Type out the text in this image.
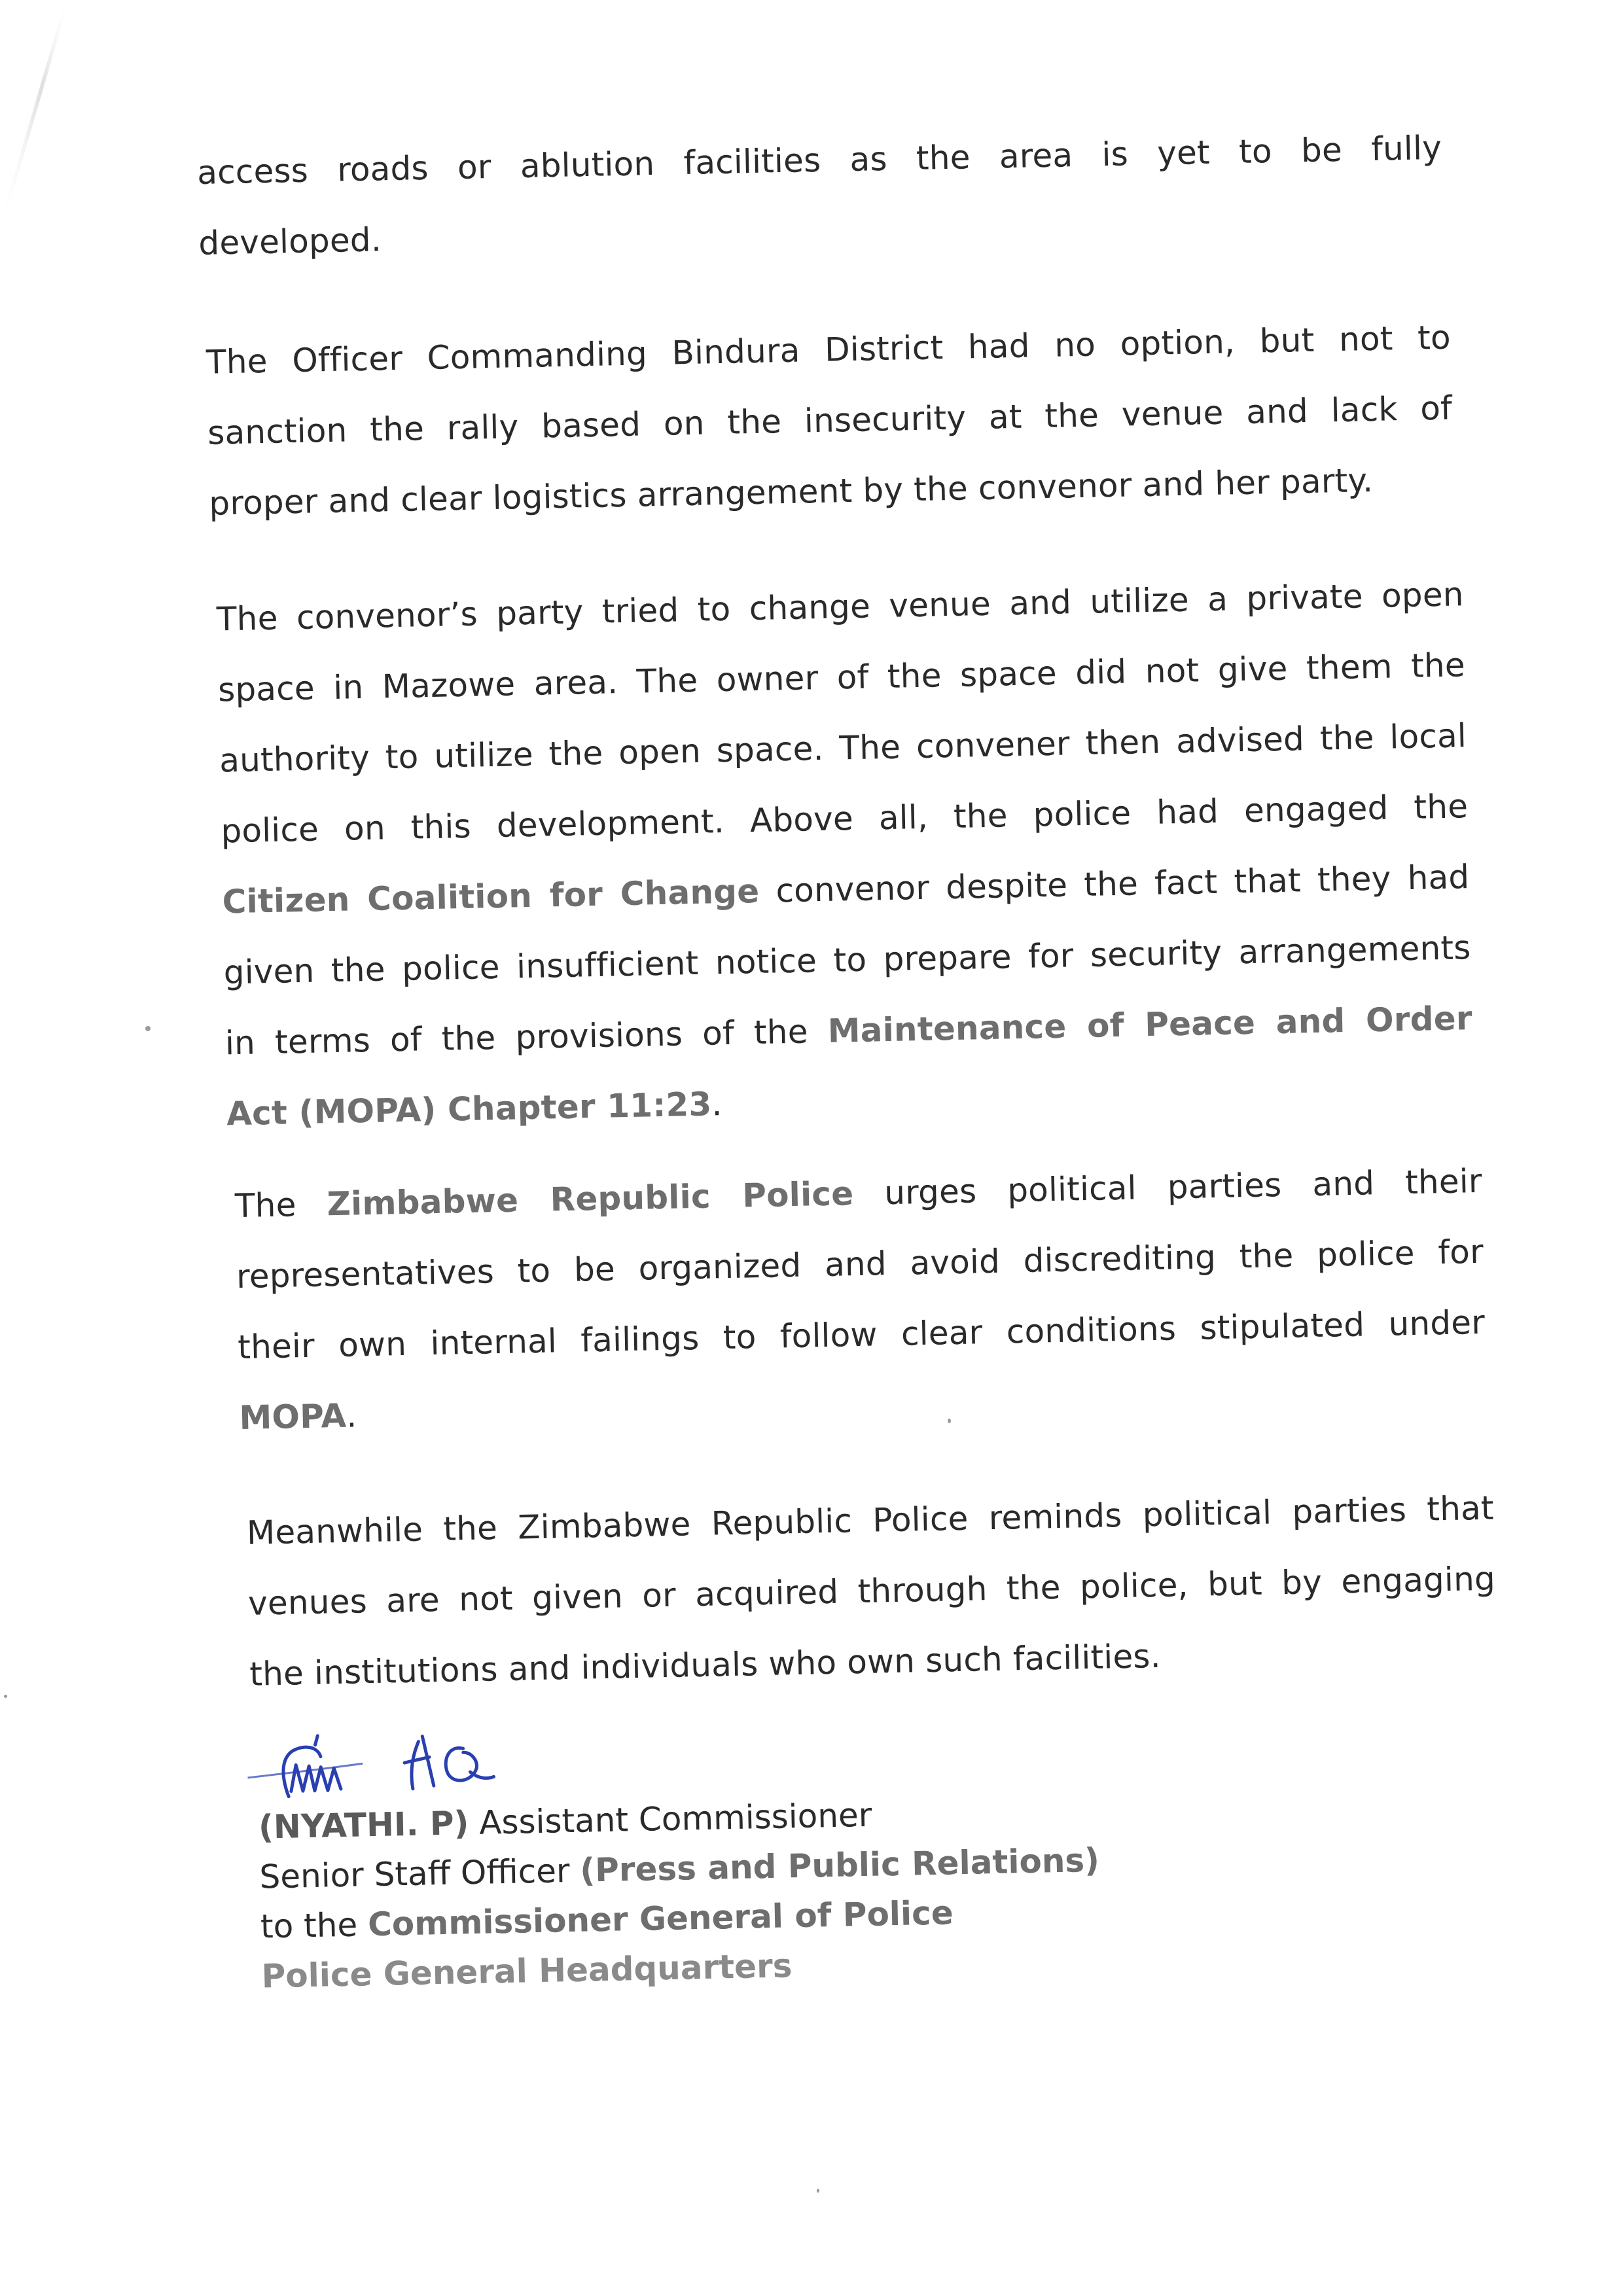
access roads or ablution facilities as the area is yet to be fully
developed.
The Officer Commanding Bindura District had no option, but not to
sanction the rally based on the insecurity at the venue and lack of
proper and clear logistics arrangement by the convenor and her party.
The convenor’s party tried to change venue and utilize a private open
space in Mazowe area. The owner of the space did not give them the
authority to utilize the open space. The convener then advised the local
police on this development. Above all, the police had engaged the
Citizen Coalition for Change convenor despite the fact that they had
given the police insufficient notice to prepare for security arrangements
in terms of the provisions of the Maintenance of Peace and Order
Act (MOPA) Chapter 11:23.
The Zimbabwe Republic Police urges political parties and their
representatives to be organized and avoid discrediting the police for
their own internal failings to follow clear conditions stipulated under
MOPA.
Meanwhile the Zimbabwe Republic Police reminds political parties that
venues are not given or acquired through the police, but by engaging
the institutions and individuals who own such facilities.
(NYATHI. P) Assistant Commissioner
Senior Staff Officer (Press and Public Relations)
to the Commissioner General of Police
Police General Headquarters
